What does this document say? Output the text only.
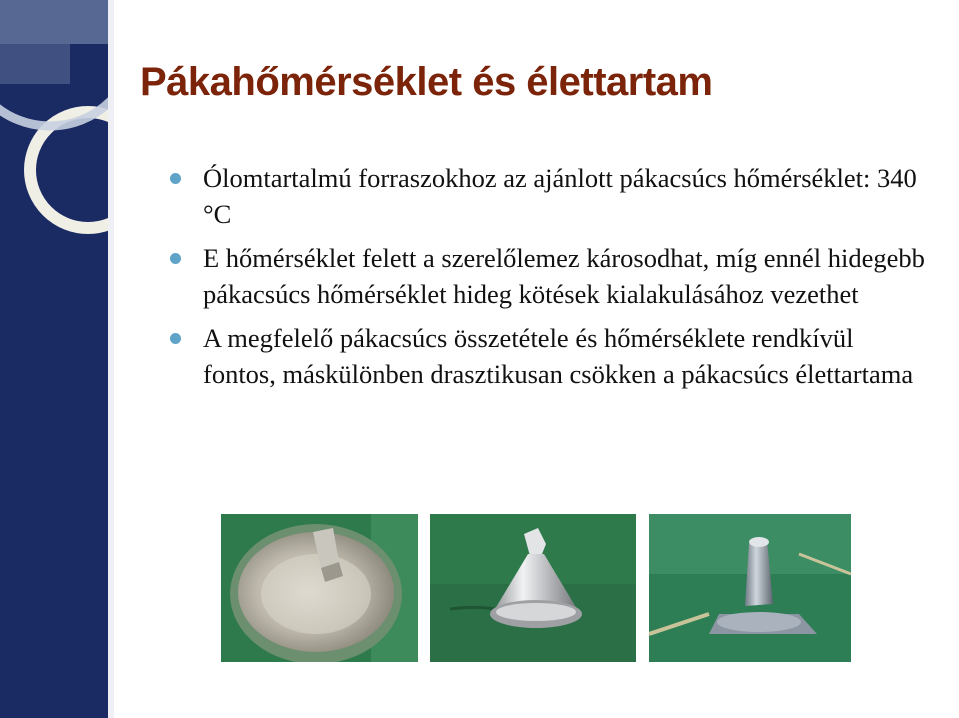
Pákahőmérséklet és élettartam
Ólomtartalmú forraszokhoz az ajánlott pákacsúcs hőmérséklet: 340 °C
E hőmérséklet felett a szerelőlemez károsodhat, míg ennél hidegebb pákacsúcs hőmérséklet hideg kötések kialakulásához vezethet
A megfelelő pákacsúcs összetétele és hőmérséklete rendkívül fontos, máskülönben drasztikusan csökken a pákacsúcs élettartama
